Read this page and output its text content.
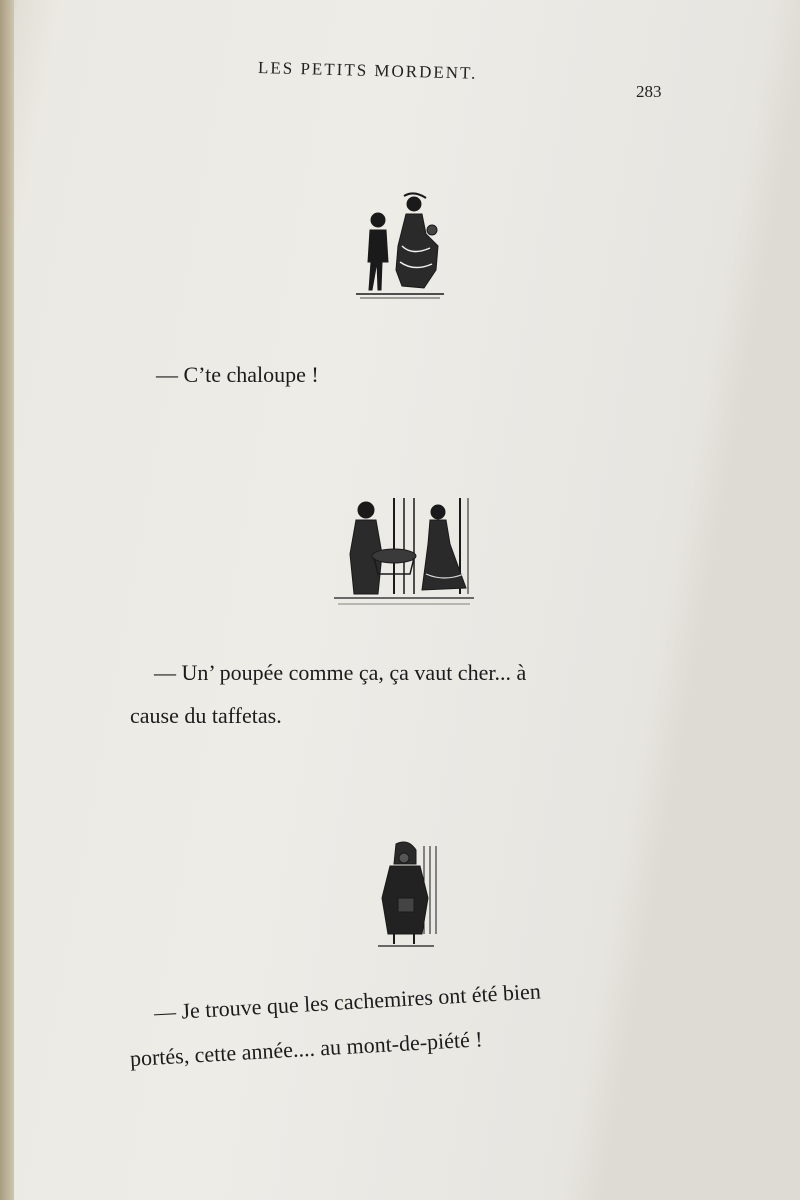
LES PETITS MORDENT.
283
— C’te chaloupe !
— Un’ poupée comme ça, ça vaut cher... à
cause du taffetas.
— Je trouve que les cachemires ont été bien
portés, cette année.... au mont-de-piété !
